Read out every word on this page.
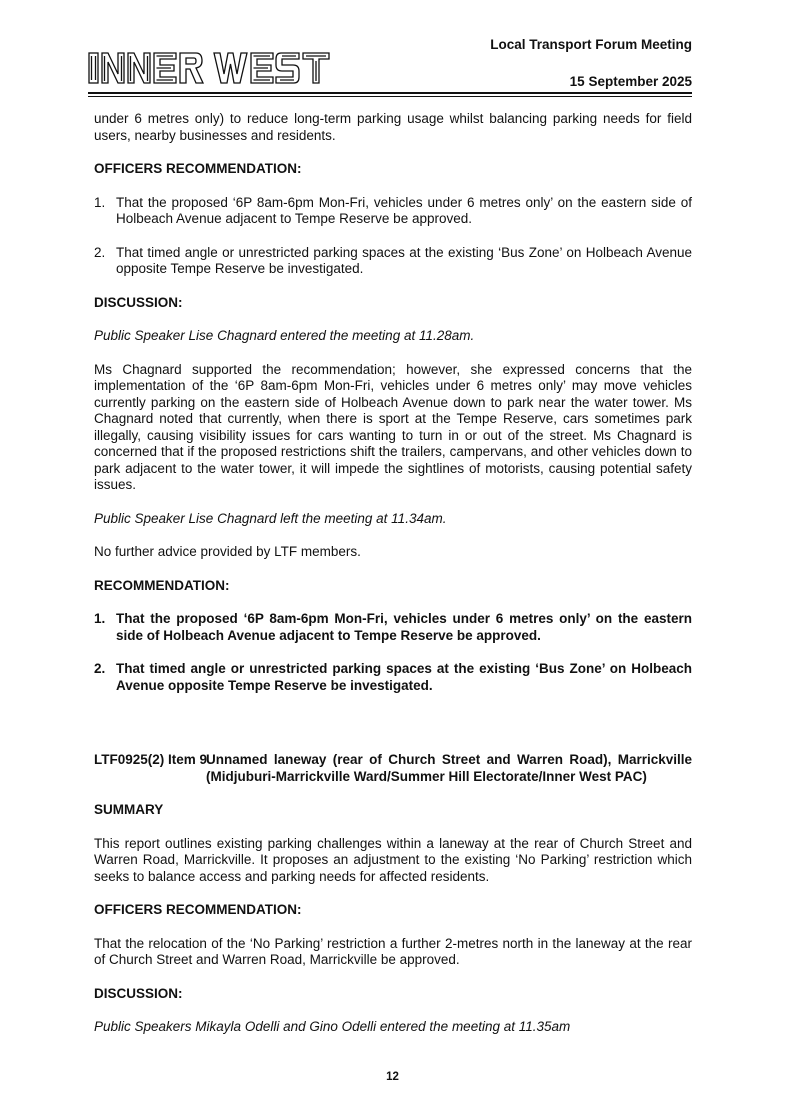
Local Transport Forum Meeting
15 September 2025

under 6 metres only) to reduce long-term parking usage whilst balancing parking needs for field users, nearby businesses and residents.

OFFICERS RECOMMENDATION:
1. That the proposed ‘6P 8am-6pm Mon-Fri, vehicles under 6 metres only’ on the eastern side of Holbeach Avenue adjacent to Tempe Reserve be approved.
2. That timed angle or unrestricted parking spaces at the existing ‘Bus Zone’ on Holbeach Avenue opposite Tempe Reserve be investigated.
DISCUSSION:

Public Speaker Lise Chagnard entered the meeting at 11.28am.

Ms Chagnard supported the recommendation; however, she expressed concerns that the implementation of the ‘6P 8am-6pm Mon-Fri, vehicles under 6 metres only’ may move vehicles currently parking on the eastern side of Holbeach Avenue down to park near the water tower. Ms Chagnard noted that currently, when there is sport at the Tempe Reserve, cars sometimes park illegally, causing visibility issues for cars wanting to turn in or out of the street. Ms Chagnard is concerned that if the proposed restrictions shift the trailers, campervans, and other vehicles down to park adjacent to the water tower, it will impede the sightlines of motorists, causing potential safety issues.

Public Speaker Lise Chagnard left the meeting at 11.34am.

No further advice provided by LTF members.

RECOMMENDATION:
1. That the proposed ‘6P 8am-6pm Mon-Fri, vehicles under 6 metres only’ on the eastern side of Holbeach Avenue adjacent to Tempe Reserve be approved.
2. That timed angle or unrestricted parking spaces at the existing ‘Bus Zone’ on Holbeach Avenue opposite Tempe Reserve be investigated.
LTF0925(2) Item 9
Unnamed laneway (rear of Church Street and Warren Road), Marrickville (Midjuburi-Marrickville Ward/Summer Hill Electorate/Inner West PAC)
SUMMARY

This report outlines existing parking challenges within a laneway at the rear of Church Street and Warren Road, Marrickville. It proposes an adjustment to the existing ‘No Parking’ restriction which seeks to balance access and parking needs for affected residents.

OFFICERS RECOMMENDATION:

That the relocation of the ‘No Parking’ restriction a further 2-metres north in the laneway at the rear of Church Street and Warren Road, Marrickville be approved.

DISCUSSION:

Public Speakers Mikayla Odelli and Gino Odelli entered the meeting at 11.35am

12
